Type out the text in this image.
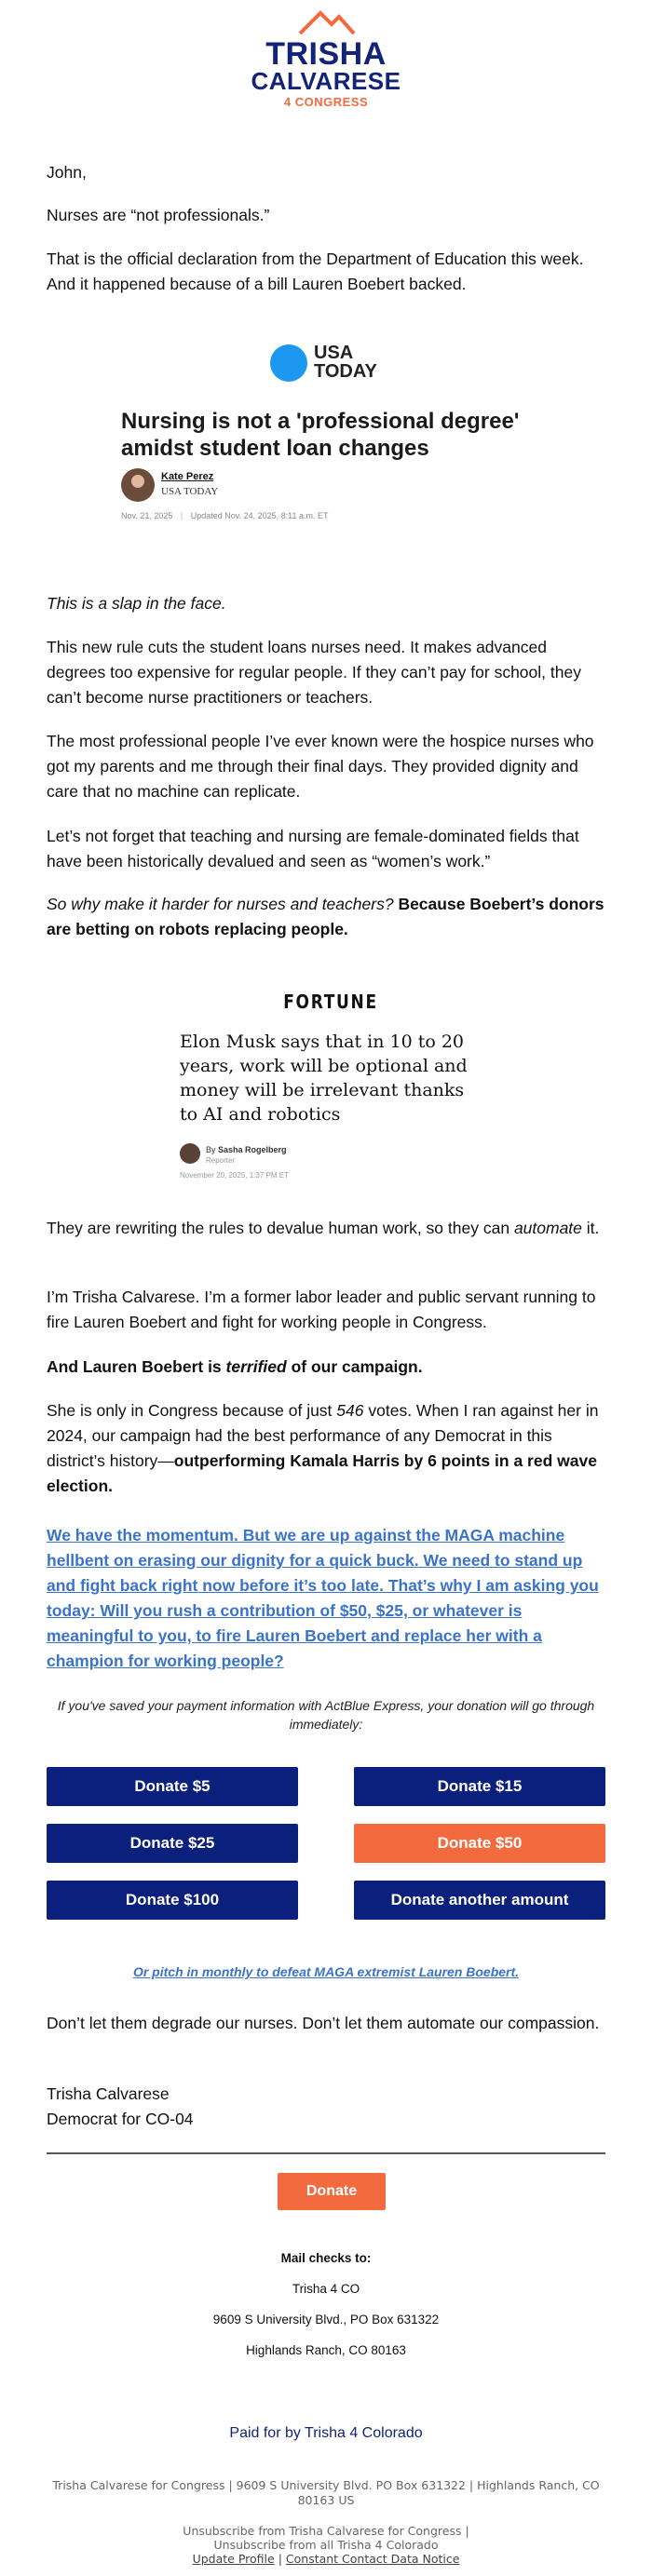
TRISHA
CALVARESE
4 CONGRESS
John,
Nurses are “not professionals.”
That is the official declaration from the Department of Education this week. And it happened because of a bill Lauren Boebert backed.
USA
TODAY
Nursing is not a 'professional degree' amidst student loan changes
Kate Perez
USA TODAY
Nov. 21, 2025 | Updated Nov. 24, 2025, 8:11 a.m. ET
This is a slap in the face.
This new rule cuts the student loans nurses need. It makes advanced degrees too expensive for regular people. If they can’t pay for school, they can’t become nurse practitioners or teachers.
The most professional people I’ve ever known were the hospice nurses who got my parents and me through their final days. They provided dignity and care that no machine can replicate.
Let’s not forget that teaching and nursing are female-dominated fields that have been historically devalued and seen as “women’s work.”
So why make it harder for nurses and teachers? Because Boebert’s donors are betting on robots replacing people.
FORTUNE
Elon Musk says that in 10 to 20 years, work will be optional and money will be irrelevant thanks to AI and robotics
By Sasha Rogelberg
Reporter
November 20, 2025, 1:37 PM ET
They are rewriting the rules to devalue human work, so they can automate it.
I’m Trisha Calvarese. I’m a former labor leader and public servant running to fire Lauren Boebert and fight for working people in Congress.
And Lauren Boebert is terrified of our campaign.
She is only in Congress because of just 546 votes. When I ran against her in 2024, our campaign had the best performance of any Democrat in this district’s history—outperforming Kamala Harris by 6 points in a red wave election.
We have the momentum. But we are up against the MAGA machine hellbent on erasing our dignity for a quick buck. We need to stand up and fight back right now before it’s too late. That’s why I am asking you today: Will you rush a contribution of $50, $25, or whatever is meaningful to you, to fire Lauren Boebert and replace her with a champion for working people?
If you've saved your payment information with ActBlue Express, your donation will go through immediately:
Donate $5	Donate $15
Donate $25	Donate $50
Donate $100	Donate another amount
Or pitch in monthly to defeat MAGA extremist Lauren Boebert.
Don’t let them degrade our nurses. Don’t let them automate our compassion.
Trisha Calvarese
Democrat for CO-04
Donate
Mail checks to:
Trisha 4 CO
9609 S University Blvd., PO Box 631322
Highlands Ranch, CO 80163
Paid for by Trisha 4 Colorado
Trisha Calvarese for Congress | 9609 S University Blvd. PO Box 631322 | Highlands Ranch, CO 80163 US
Unsubscribe from Trisha Calvarese for Congress |
Unsubscribe from all Trisha 4 Colorado
Update Profile | Constant Contact Data Notice
